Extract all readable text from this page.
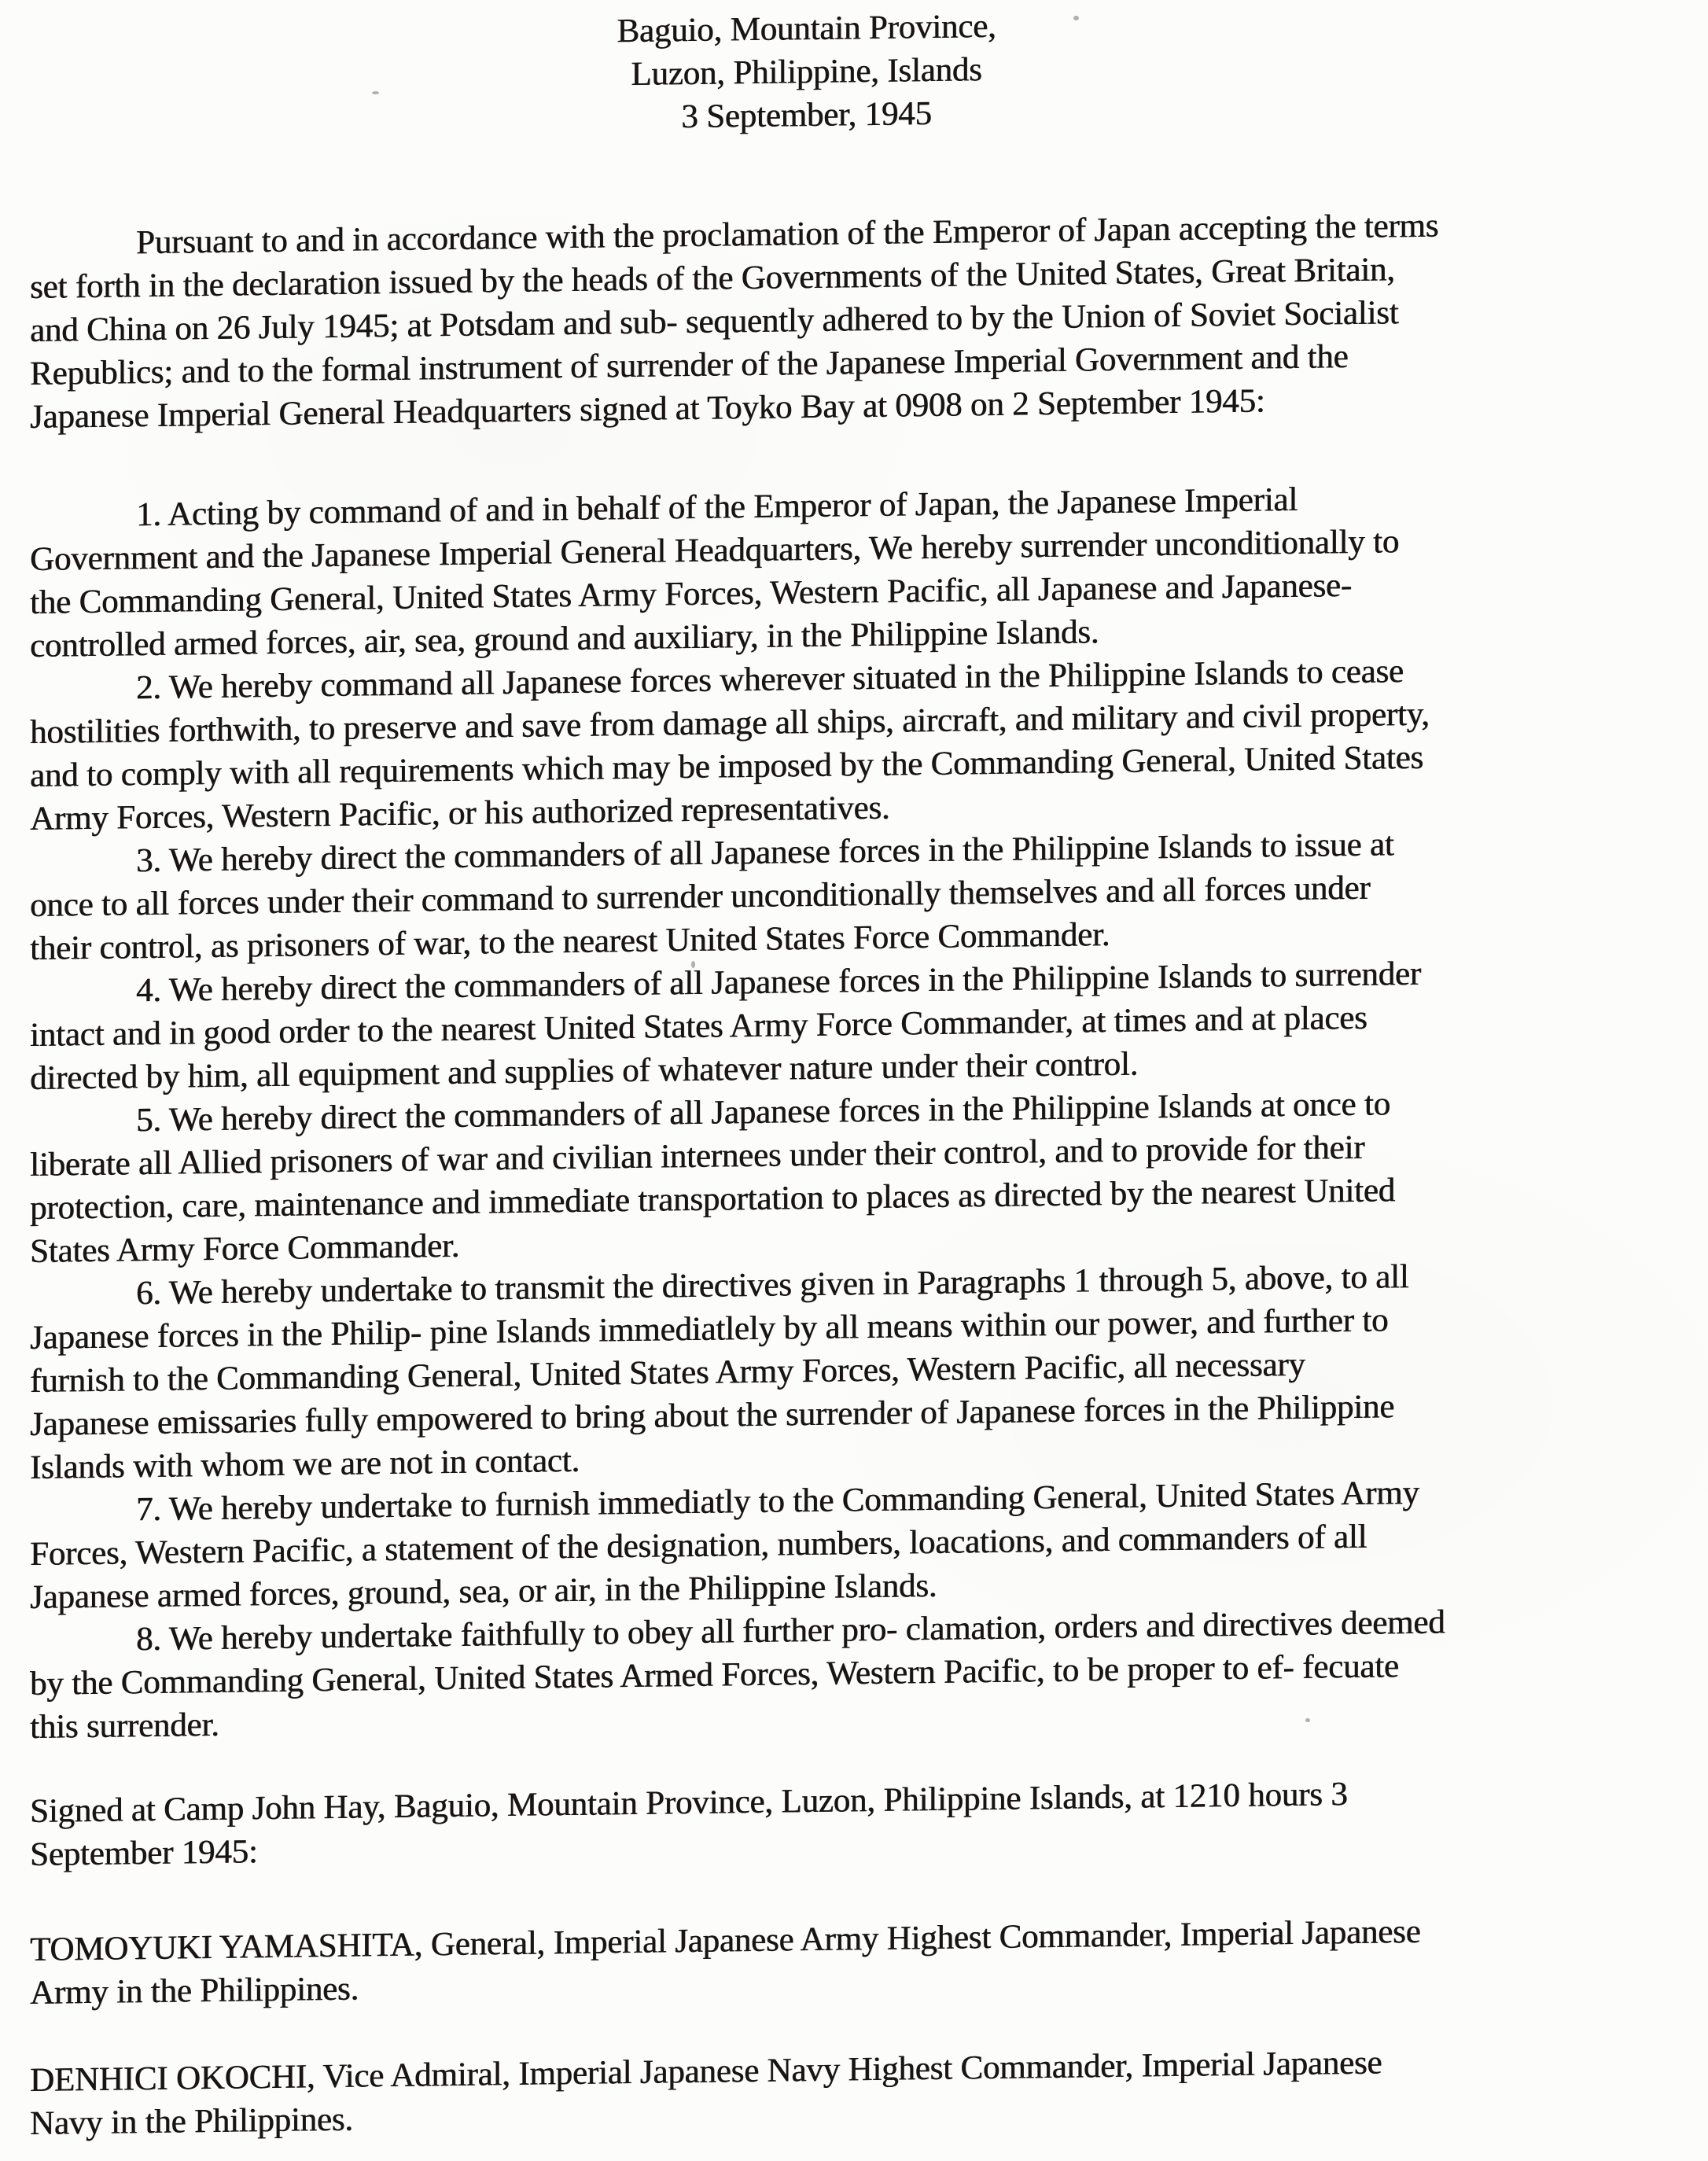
Baguio, Mountain Province,
Luzon, Philippine, Islands
3 September, 1945
Pursuant to and in accordance with the proclamation of the Emperor of Japan accepting the terms
set forth in the declaration issued by the heads of the Governments of the United States, Great Britain,
and China on 26 July 1945; at Potsdam and sub- sequently adhered to by the Union of Soviet Socialist
Republics; and to the formal instrument of surrender of the Japanese Imperial Government and the
Japanese Imperial General Headquarters signed at Toyko Bay at 0908 on 2 September 1945:
1. Acting by command of and in behalf of the Emperor of Japan, the Japanese Imperial
Government and the Japanese Imperial General Headquarters, We hereby surrender unconditionally to
the Commanding General, United States Army Forces, Western Pacific, all Japanese and Japanese-
controlled armed forces, air, sea, ground and auxiliary, in the Philippine Islands.
2. We hereby command all Japanese forces wherever situated in the Philippine Islands to cease
hostilities forthwith, to preserve and save from damage all ships, aircraft, and military and civil property,
and to comply with all requirements which may be imposed by the Commanding General, United States
Army Forces, Western Pacific, or his authorized representatives.
3. We hereby direct the commanders of all Japanese forces in the Philippine Islands to issue at
once to all forces under their command to surrender unconditionally themselves and all forces under
their control, as prisoners of war, to the nearest United States Force Commander.
4. We hereby direct the commanders of all Japanese forces in the Philippine Islands to surrender
intact and in good order to the nearest United States Army Force Commander, at times and at places
directed by him, all equipment and supplies of whatever nature under their control.
5. We hereby direct the commanders of all Japanese forces in the Philippine Islands at once to
liberate all Allied prisoners of war and civilian internees under their control, and to provide for their
protection, care, maintenance and immediate transportation to places as directed by the nearest United
States Army Force Commander.
6. We hereby undertake to transmit the directives given in Paragraphs 1 through 5, above, to all
Japanese forces in the Philip- pine Islands immediatlely by all means within our power, and further to
furnish to the Commanding General, United States Army Forces, Western Pacific, all necessary
Japanese emissaries fully empowered to bring about the surrender of Japanese forces in the Philippine
Islands with whom we are not in contact.
7. We hereby undertake to furnish immediatly to the Commanding General, United States Army
Forces, Western Pacific, a statement of the designation, numbers, loacations, and commanders of all
Japanese armed forces, ground, sea, or air, in the Philippine Islands.
8. We hereby undertake faithfully to obey all further pro- clamation, orders and directives deemed
by the Commanding General, United States Armed Forces, Western Pacific, to be proper to ef- fecuate
this surrender.
Signed at Camp John Hay, Baguio, Mountain Province, Luzon, Philippine Islands, at 1210 hours 3
September 1945:
TOMOYUKI YAMASHITA, General, Imperial Japanese Army Highest Commander, Imperial Japanese
Army in the Philippines.
DENHICI OKOCHI, Vice Admiral, Imperial Japanese Navy Highest Commander, Imperial Japanese
Navy in the Philippines.
